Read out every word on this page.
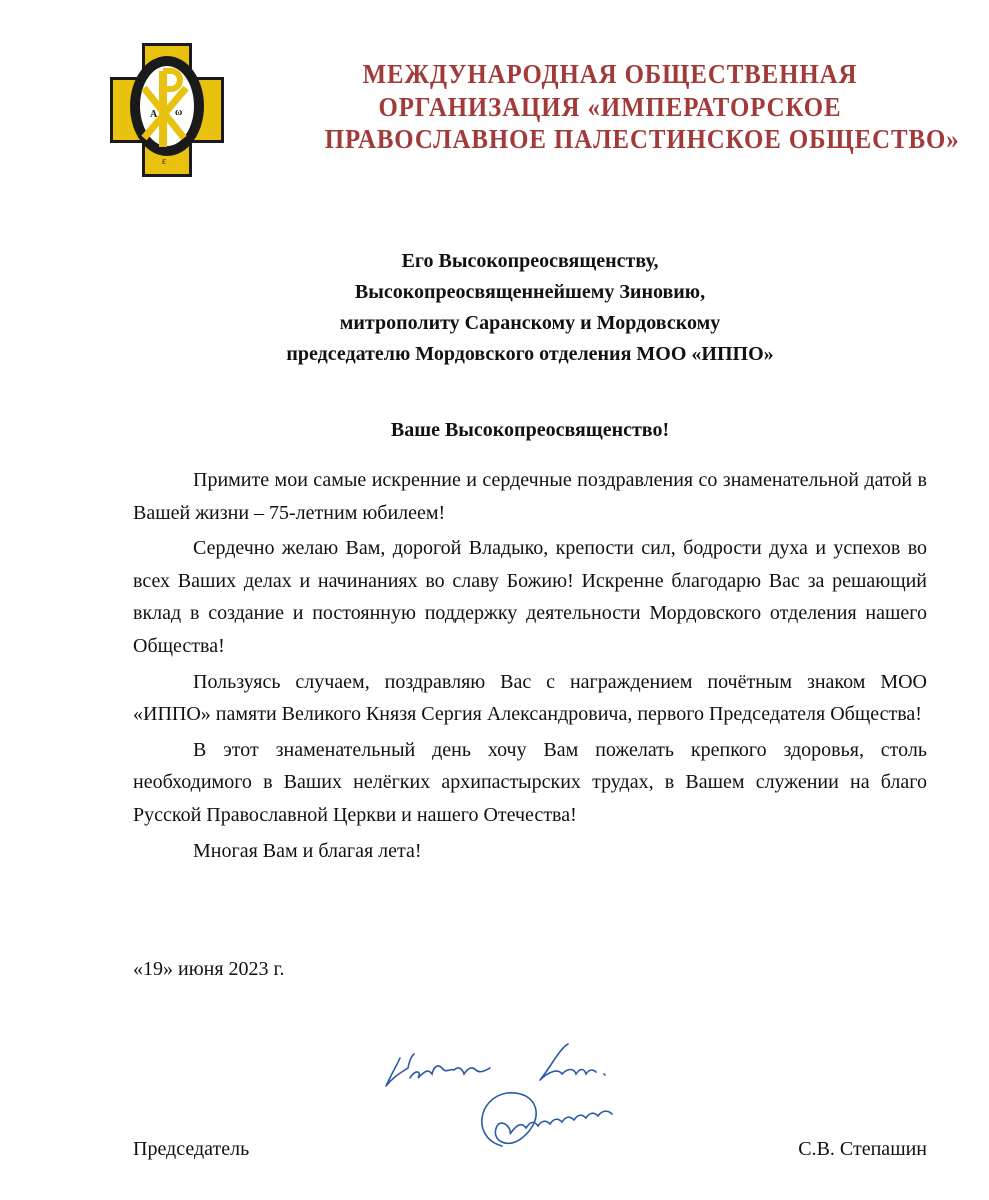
А ω
ε
МЕЖДУНАРОДНАЯ ОБЩЕСТВЕННАЯ
ОРГАНИЗАЦИЯ «ИМПЕРАТОРСКОЕ
ПРАВОСЛАВНОЕ ПАЛЕСТИНСКОЕ ОБЩЕСТВО»
Его Высокопреосвященству,
Высокопреосвященнейшему Зиновию,
митрополиту Саранскому и Мордовскому
председателю Мордовского отделения МОО «ИППО»
Ваше Высокопреосвященство!

Примите мои самые искренние и сердечные поздравления со знаменательной датой в Вашей жизни – 75-летним юбилеем!

Сердечно желаю Вам, дорогой Владыко, крепости сил, бодрости духа и успехов во всех Ваших делах и начинаниях во славу Божию! Искренне благодарю Вас за решающий вклад в создание и постоянную поддержку деятельности Мордовского отделения нашего Общества!

Пользуясь случаем, поздравляю Вас с награждением почётным знаком МОО «ИППО» памяти Великого Князя Сергия Александровича, первого Председателя Общества!

В этот знаменательный день хочу Вам пожелать крепкого здоровья, столь необходимого в Ваших нелёгких архипастырских трудах, в Вашем служении на благо Русской Православной Церкви и нашего Отечества!

Многая Вам и благая лета!

«19» июня 2023 г.
Председатель	С.В. Степашин
